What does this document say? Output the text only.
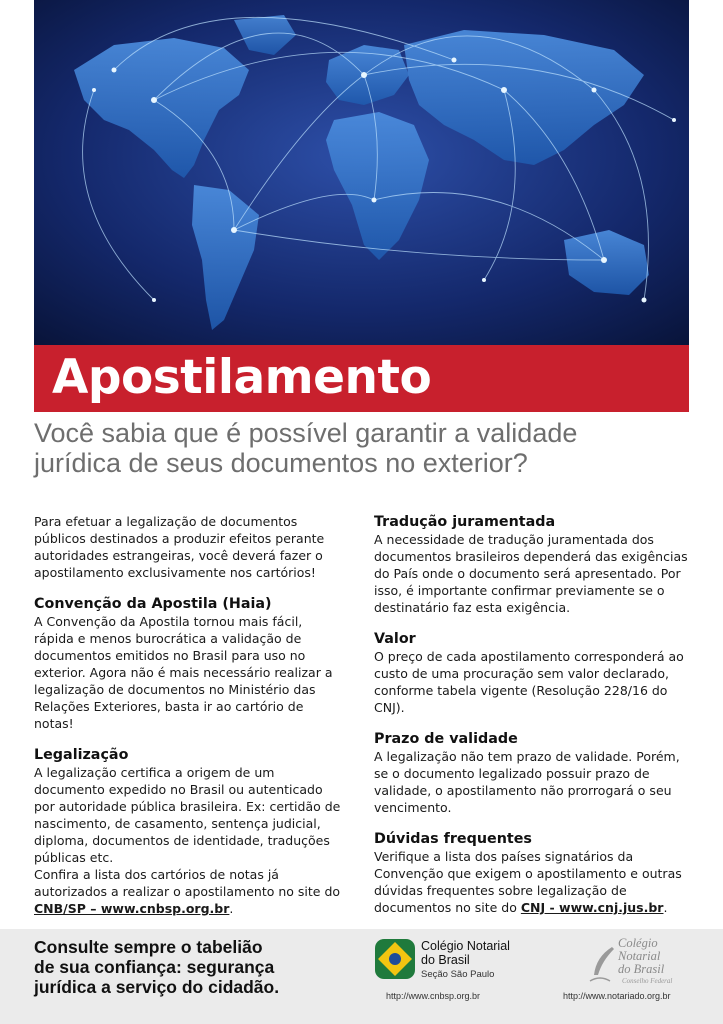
Apostilamento
Você sabia que é possível garantir a validade
jurídica de seus documentos no exterior?

Para efetuar a legalização de documentos públicos destinados a produzir efeitos perante autoridades estrangeiras, você deverá fazer o apostilamento exclusivamente nos cartórios!

Convenção da Apostila (Haia)

A Convenção da Apostila tornou mais fácil, rápida e menos burocrática a validação de documentos emitidos no Brasil para uso no exterior. Agora não é mais necessário realizar a legalização de documentos no Ministério das Relações Exteriores, basta ir ao cartório de notas!

Legalização

A legalização certifica a origem de um documento expedido no Brasil ou autenticado por autoridade pública brasileira. Ex: certidão de nascimento, de casamento, sentença judicial, diploma, documentos de identidade, traduções públicas etc.

Confira a lista dos cartórios de notas já autorizados a realizar o apostilamento no site do CNB/SP – www.cnbsp.org.br.

Tradução juramentada

A necessidade de tradução juramentada dos documentos brasileiros dependerá das exigências do País onde o documento será apresentado. Por isso, é importante confirmar previamente se o destinatário faz esta exigência.

Valor

O preço de cada apostilamento corresponderá ao custo de uma procuração sem valor declarado, conforme tabela vigente (Resolução 228/16 do CNJ).

Prazo de validade

A legalização não tem prazo de validade. Porém, se o documento legalizado possuir prazo de validade, o apostilamento não prorrogará o seu vencimento.

Dúvidas frequentes

Verifique a lista dos países signatários da Convenção que exigem o apostilamento e outras dúvidas frequentes sobre legalização de documentos no site do CNJ - www.cnj.jus.br.

Consulte sempre o tabelião
de sua confiança: segurança
jurídica a serviço do cidadão.
Colégio Notarial
do Brasil
Seção São Paulo
http://www.cnbsp.org.br
Colégio
Notarial
do Brasil
Conselho Federal
http://www.notariado.org.br
